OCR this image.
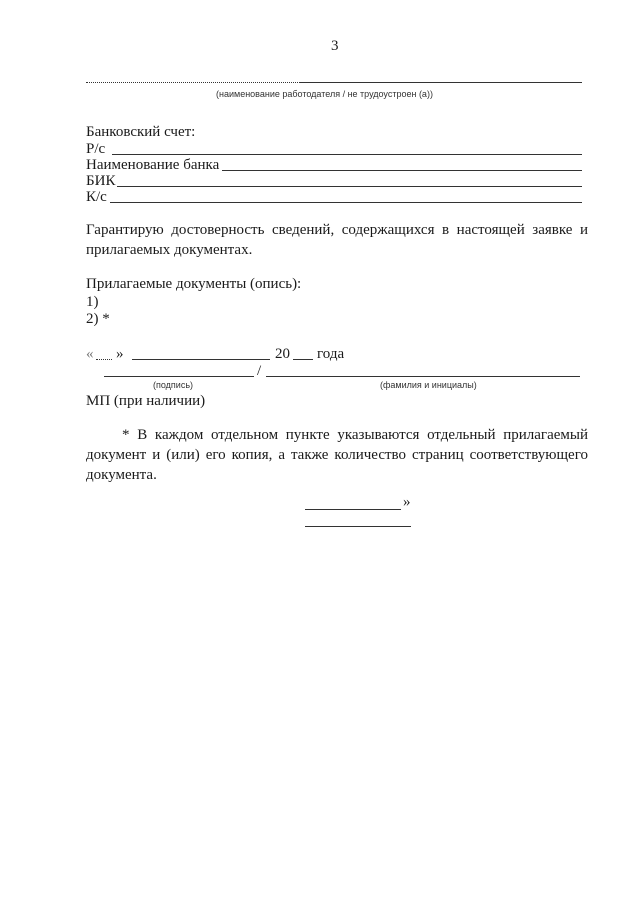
3
(наименование работодателя / не трудоустроен (а))
Банковский счет:
Р/с
Наименование банка
БИК
К/с
Гарантирую достоверность сведений, содержащихся в настоящей заявке и прилагаемых документах.
Прилагаемые документы (опись):
1)
2) *
« »	20 года
/
(подпись)	(фамилия и инициалы)
МП (при наличии)
* В каждом отдельном пункте указываются отдельный прилагаемый документ и (или) его копия, а также количество страниц соответствующего документа.
»
